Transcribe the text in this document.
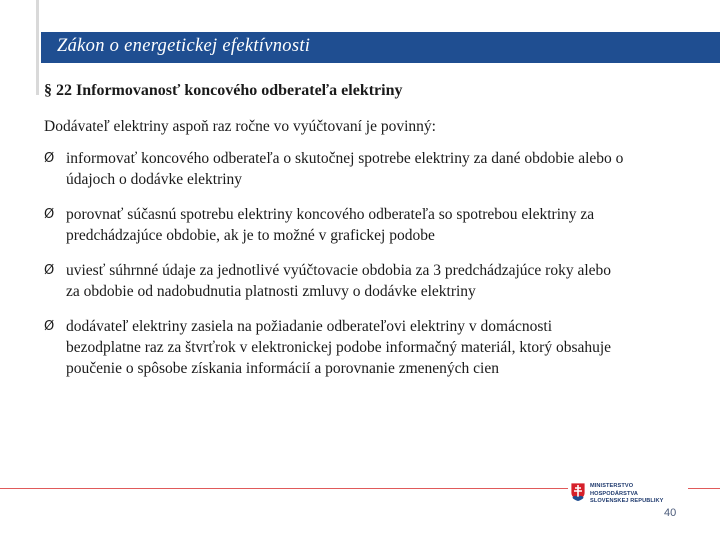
Zákon o energetickej efektívnosti
§ 22 Informovanosť koncového odberateľa elektriny
Dodávateľ elektriny aspoň raz ročne vo vyúčtovaní je povinný:
Ø informovať koncového odberateľa o skutočnej spotrebe elektriny za dané obdobie alebo o
údajoch o dodávke elektriny
Ø porovnať súčasnú spotrebu elektriny koncového odberateľa so spotrebou elektriny za
predchádzajúce obdobie, ak je to možné v grafickej podobe
Ø uviesť súhrnné údaje za jednotlivé vyúčtovacie obdobia za 3 predchádzajúce roky alebo
za obdobie od nadobudnutia platnosti zmluvy o dodávke elektriny
Ø dodávateľ elektriny zasiela na požiadanie odberateľovi elektriny v domácnosti
bezodplatne raz za štvrťrok v elektronickej podobe informačný materiál, ktorý obsahuje
poučenie o spôsobe získania informácií a porovnanie zmenených cien
MINISTERSTVO
HOSPODÁRSTVA
SLOVENSKEJ REPUBLIKY
40
